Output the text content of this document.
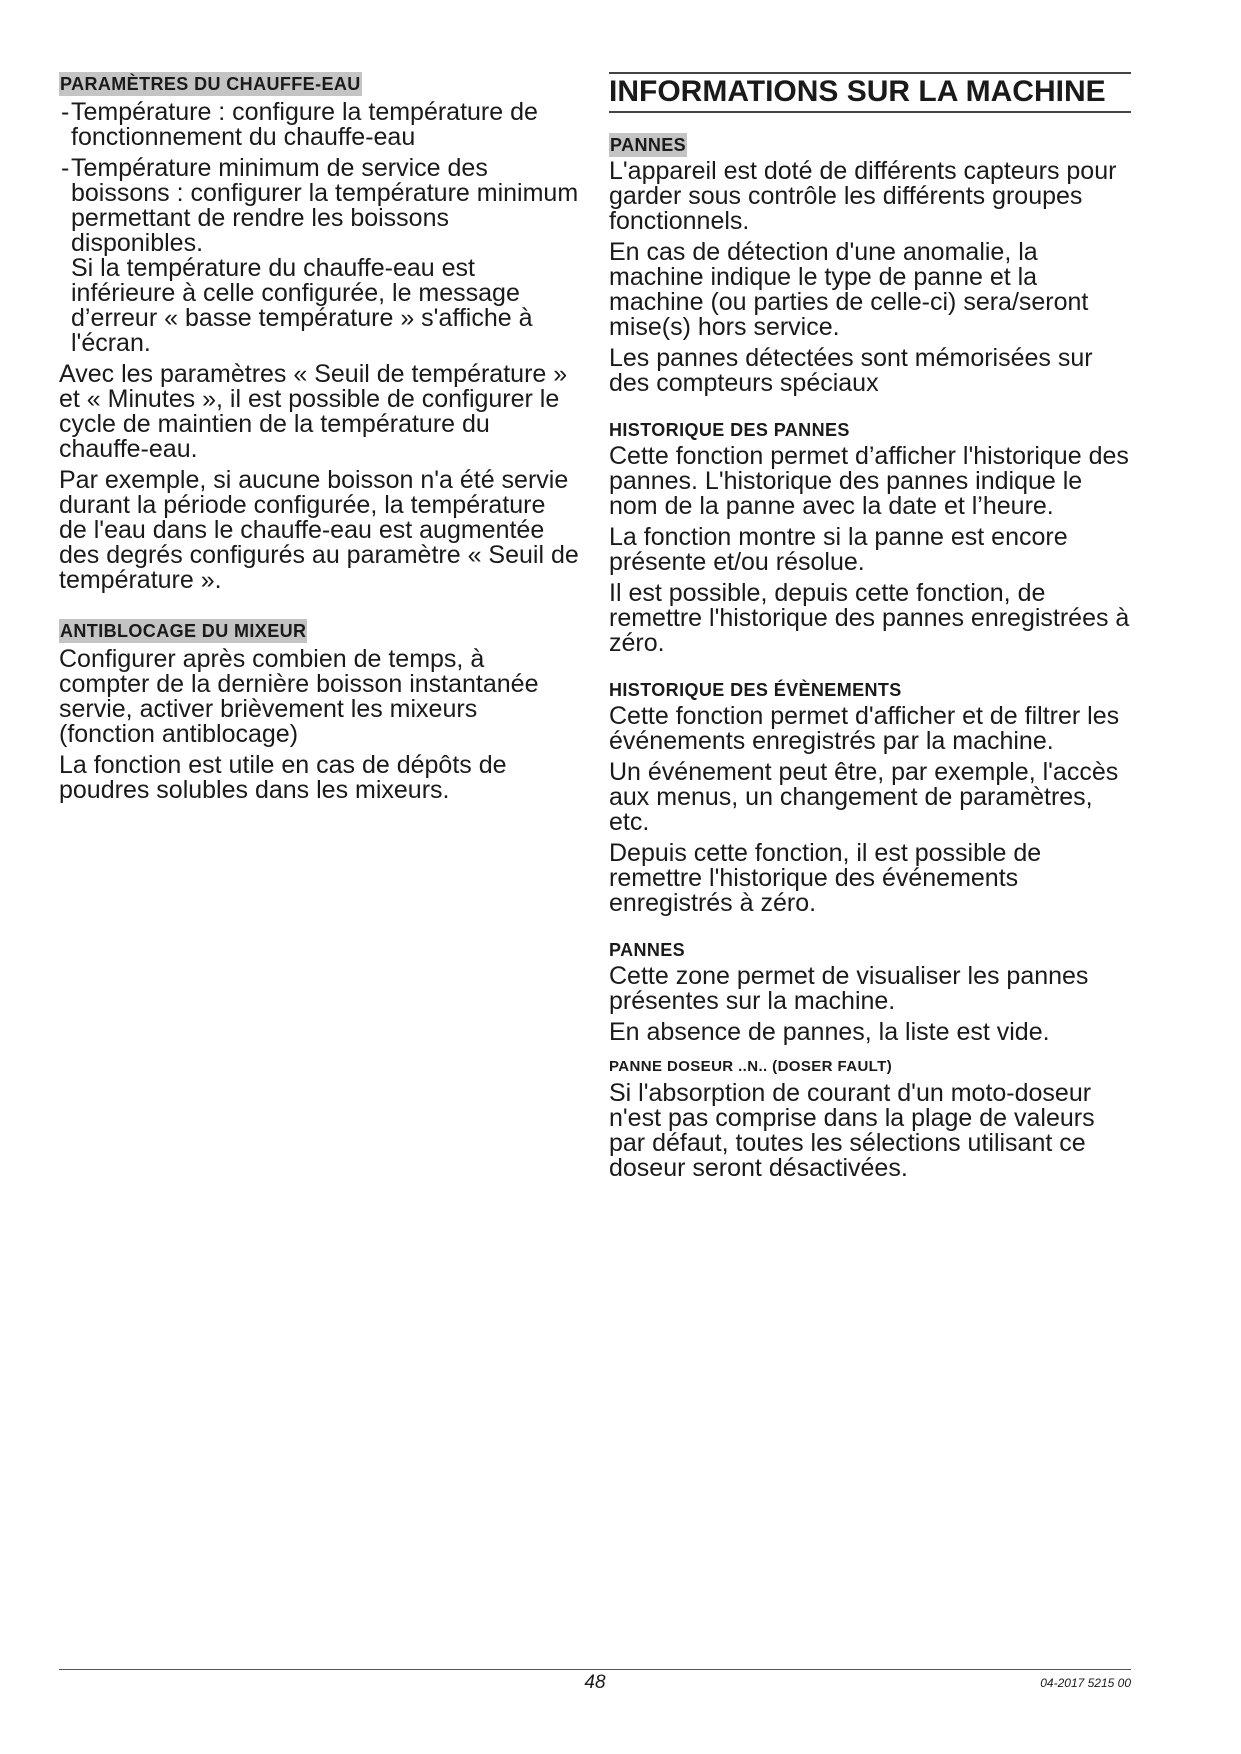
PARAMÈTRES DU CHAUFFE-EAU

- Température : configure la température de fonctionnement du chauffe-eau

- Température minimum de service des boissons : configurer la température minimum permettant de rendre les boissons disponibles.

Si la température du chauffe-eau est inférieure à celle configurée, le message d’erreur « basse température » s'affiche à l'écran.

Avec les paramètres « Seuil de température » et « Minutes », il est possible de configurer le cycle de maintien de la température du chauffe-eau.

Par exemple, si aucune boisson n'a été servie durant la période configurée, la température de l'eau dans le chauffe-eau est augmentée des degrés configurés au paramètre « Seuil de température ».

ANTIBLOCAGE DU MIXEUR

Configurer après combien de temps, à compter de la dernière boisson instantanée servie, activer brièvement les mixeurs (fonction antiblocage)

La fonction est utile en cas de dépôts de poudres solubles dans les mixeurs.

INFORMATIONS SUR LA MACHINE
PANNES

L'appareil est doté de différents capteurs pour garder sous contrôle les différents groupes fonctionnels.

En cas de détection d'une anomalie, la machine indique le type de panne et la machine (ou parties de celle-ci) sera/seront mise(s) hors service.

Les pannes détectées sont mémorisées sur des compteurs spéciaux

HISTORIQUE DES PANNES

Cette fonction permet d’afficher l'historique des pannes. L'historique des pannes indique le nom de la panne avec la date et l’heure.

La fonction montre si la panne est encore présente et/ou résolue.

Il est possible, depuis cette fonction, de remettre l'historique des pannes enregistrées à zéro.

HISTORIQUE DES ÉVÈNEMENTS

Cette fonction permet d'afficher et de filtrer les événements enregistrés par la machine.

Un événement peut être, par exemple, l'accès aux menus, un changement de paramètres, etc.

Depuis cette fonction, il est possible de remettre l'historique des événements enregistrés à zéro.

PANNES

Cette zone permet de visualiser les pannes présentes sur la machine.

En absence de pannes, la liste est vide.

PANNE DOSEUR ..N.. (DOSER FAULT)

Si l'absorption de courant d'un moto-doseur n'est pas comprise dans la plage de valeurs par défaut, toutes les sélections utilisant ce doseur seront désactivées.

48	04-2017 5215 00
